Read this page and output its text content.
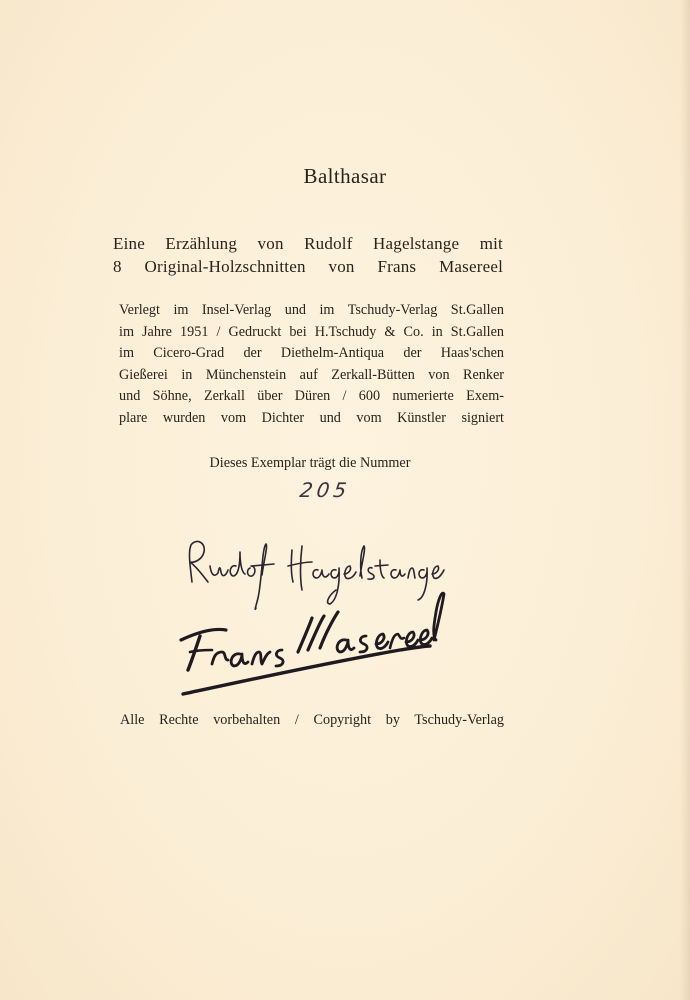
Balthasar
Eine Erzählung von Rudolf Hagelstange mit
8 Original-Holzschnitten von Frans Masereel
Verlegt im Insel-Verlag und im Tschudy-Verlag St.Gallen
im Jahre 1951 / Gedruckt bei H.Tschudy & Co. in St.Gallen
im Cicero-Grad der Diethelm-Antiqua der Haas'schen
Gießerei in Münchenstein auf Zerkall-Bütten von Renker
und Söhne, Zerkall über Düren / 600 numerierte Exem-
plare wurden vom Dichter und vom Künstler signiert
Dieses Exemplar trägt die Nummer
205
Alle Rechte vorbehalten / Copyright by Tschudy-Verlag
